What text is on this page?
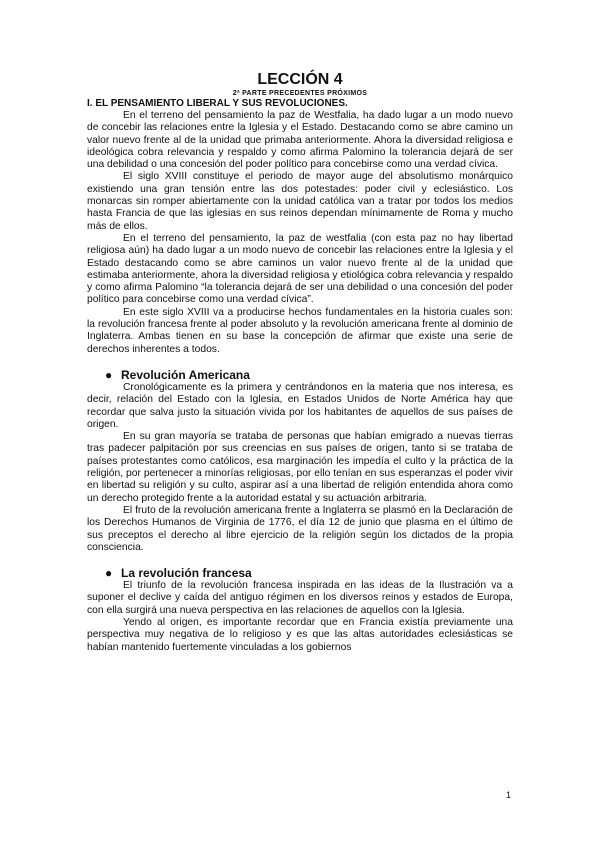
LECCIÓN 4
2ª PARTE PRECEDENTES PRÓXIMOS
I. EL PENSAMIENTO LIBERAL Y SUS REVOLUCIONES.

En el terreno del pensamiento la paz de Westfalia, ha dado lugar a un modo nuevo de concebir las relaciones entre la Iglesia y el Estado. Destacando como se abre camino un valor nuevo frente al de la unidad que primaba anteriormente. Ahora la diversidad religiosa e ideológica cobra relevancia y respaldo y como afirma Palomino la tolerancia dejará de ser una debilidad o una concesión del poder político para concebirse como una verdad cívica.

El siglo XVIII constituye el periodo de mayor auge del absolutismo monárquico existiendo una gran tensión entre las dos potestades: poder civil y eclesiástico. Los monarcas sin romper abiertamente con la unidad católica van a tratar por todos los medios hasta Francia de que las iglesias en sus reinos dependan mínimamente de Roma y mucho más de ellos.

En el terreno del pensamiento, la paz de westfalia (con esta paz no hay libertad religiosa aún) ha dado lugar a un modo nuevo de concebir las relaciones entre la Iglesia y el Estado destacando como se abre caminos un valor nuevo frente al de la unidad que estimaba anteriormente, ahora la diversidad religiosa y etiológica cobra relevancia y respaldo y como afirma Palomino “la tolerancia dejará de ser una debilidad o una concesión del poder político para concebirse como una verdad cívica”.

En este siglo XVIII va a producirse hechos fundamentales en la historia cuales son: la revolución francesa frente al poder absoluto y la revolución americana frente al dominio de Inglaterra. Ambas tienen en su base la concepción de afirmar que existe una serie de derechos inherentes a todos.

● Revolución Americana

Cronológicamente es la primera y centrándonos en la materia que nos interesa, es decir, relación del Estado con la Iglesia, en Estados Unidos de Norte América hay que recordar que salva justo la situación vivida por los habitantes de aquellos de sus países de origen.

En su gran mayoría se trataba de personas que habían emigrado a nuevas tierras tras padecer palpitación por sus creencias en sus países de origen, tanto si se trataba de países protestantes como católicos, esa marginación les impedía el culto y la práctica de la religión, por pertenecer a minorías religiosas, por ello tenían en sus esperanzas el poder vivir en libertad su religión y su culto, aspirar así a una libertad de religión entendida ahora como un derecho protegido frente a la autoridad estatal y su actuación arbitraria.

El fruto de la revolución americana frente a Inglaterra se plasmó en la Declaración de los Derechos Humanos de Virginia de 1776, el día 12 de junio que plasma en el último de sus preceptos el derecho al libre ejercicio de la religión según los dictados de la propia consciencia.

● La revolución francesa

El triunfo de la revolución francesa inspirada en las ideas de la Ilustración va a suponer el declive y caída del antiguo régimen en los diversos reinos y estados de Europa, con ella surgirá una nueva perspectiva en las relaciones de aquellos con la Iglesia.

Yendo al origen, es importante recordar que en Francia existía previamente una perspectiva muy negativa de lo religioso y es que las altas autoridades eclesiásticas se habían mantenido fuertemente vinculadas a los gobiernos

1
